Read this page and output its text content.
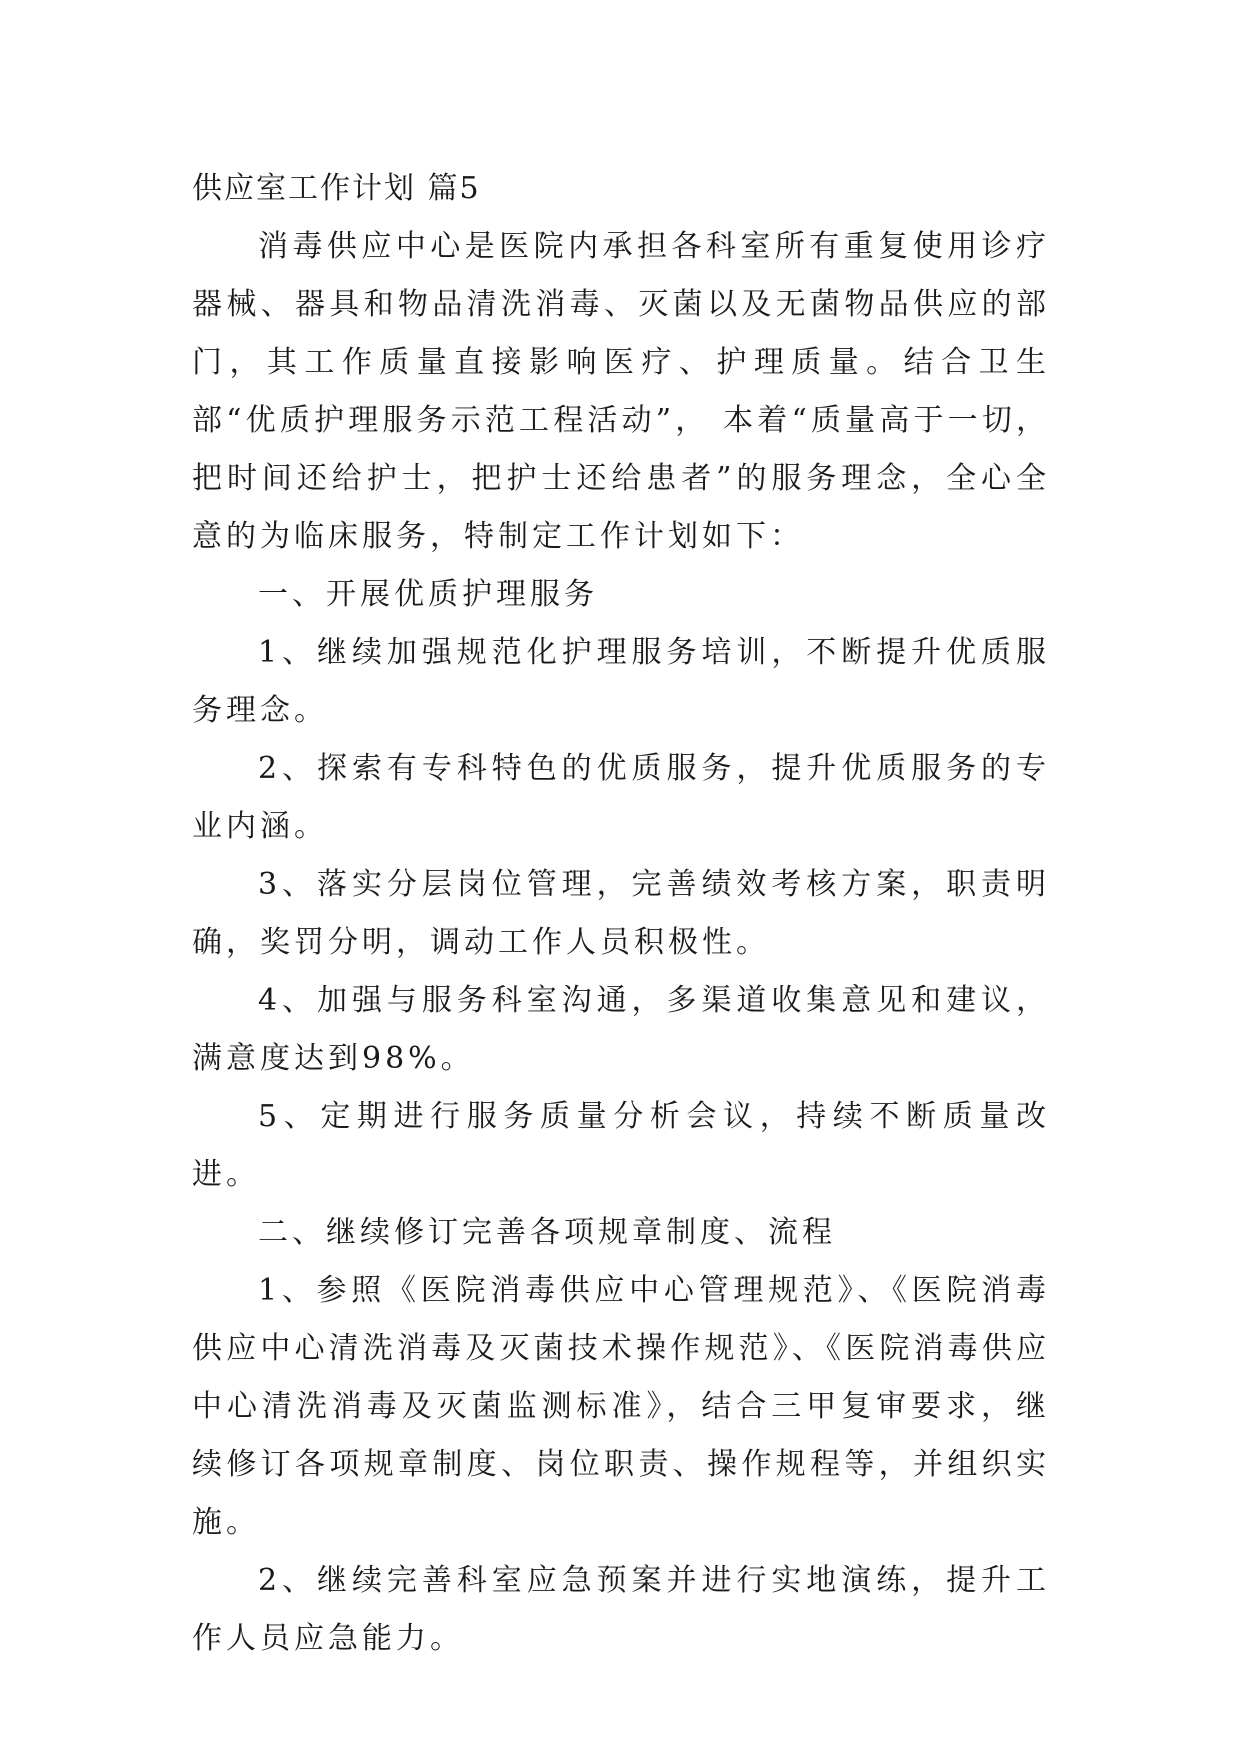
供应室工作计划 篇5

消毒供应中心是医院内承担各科室所有重复使用诊疗器械、器具和物品清洗消毒、灭菌以及无菌物品供应的部门，其工作质量直接影响医疗、护理质量。结合卫生部“优质护理服务示范工程活动”， 本着“质量高于一切，把时间还给护士，把护士还给患者”的服务理念，全心全意的为临床服务，特制定工作计划如下：

一、开展优质护理服务

1、继续加强规范化护理服务培训，不断提升优质服务理念。

2、探索有专科特色的优质服务，提升优质服务的专业内涵。

3、落实分层岗位管理，完善绩效考核方案，职责明确，奖罚分明，调动工作人员积极性。

4、加强与服务科室沟通，多渠道收集意见和建议，满意度达到98%。

5、定期进行服务质量分析会议，持续不断质量改进。

二、继续修订完善各项规章制度、流程

1、参照《医院消毒供应中心管理规范》、《医院消毒供应中心清洗消毒及灭菌技术操作规范》、《医院消毒供应中心清洗消毒及灭菌监测标准》，结合三甲复审要求，继续修订各项规章制度、岗位职责、操作规程等，并组织实施。

2、继续完善科室应急预案并进行实地演练，提升工作人员应急能力。
